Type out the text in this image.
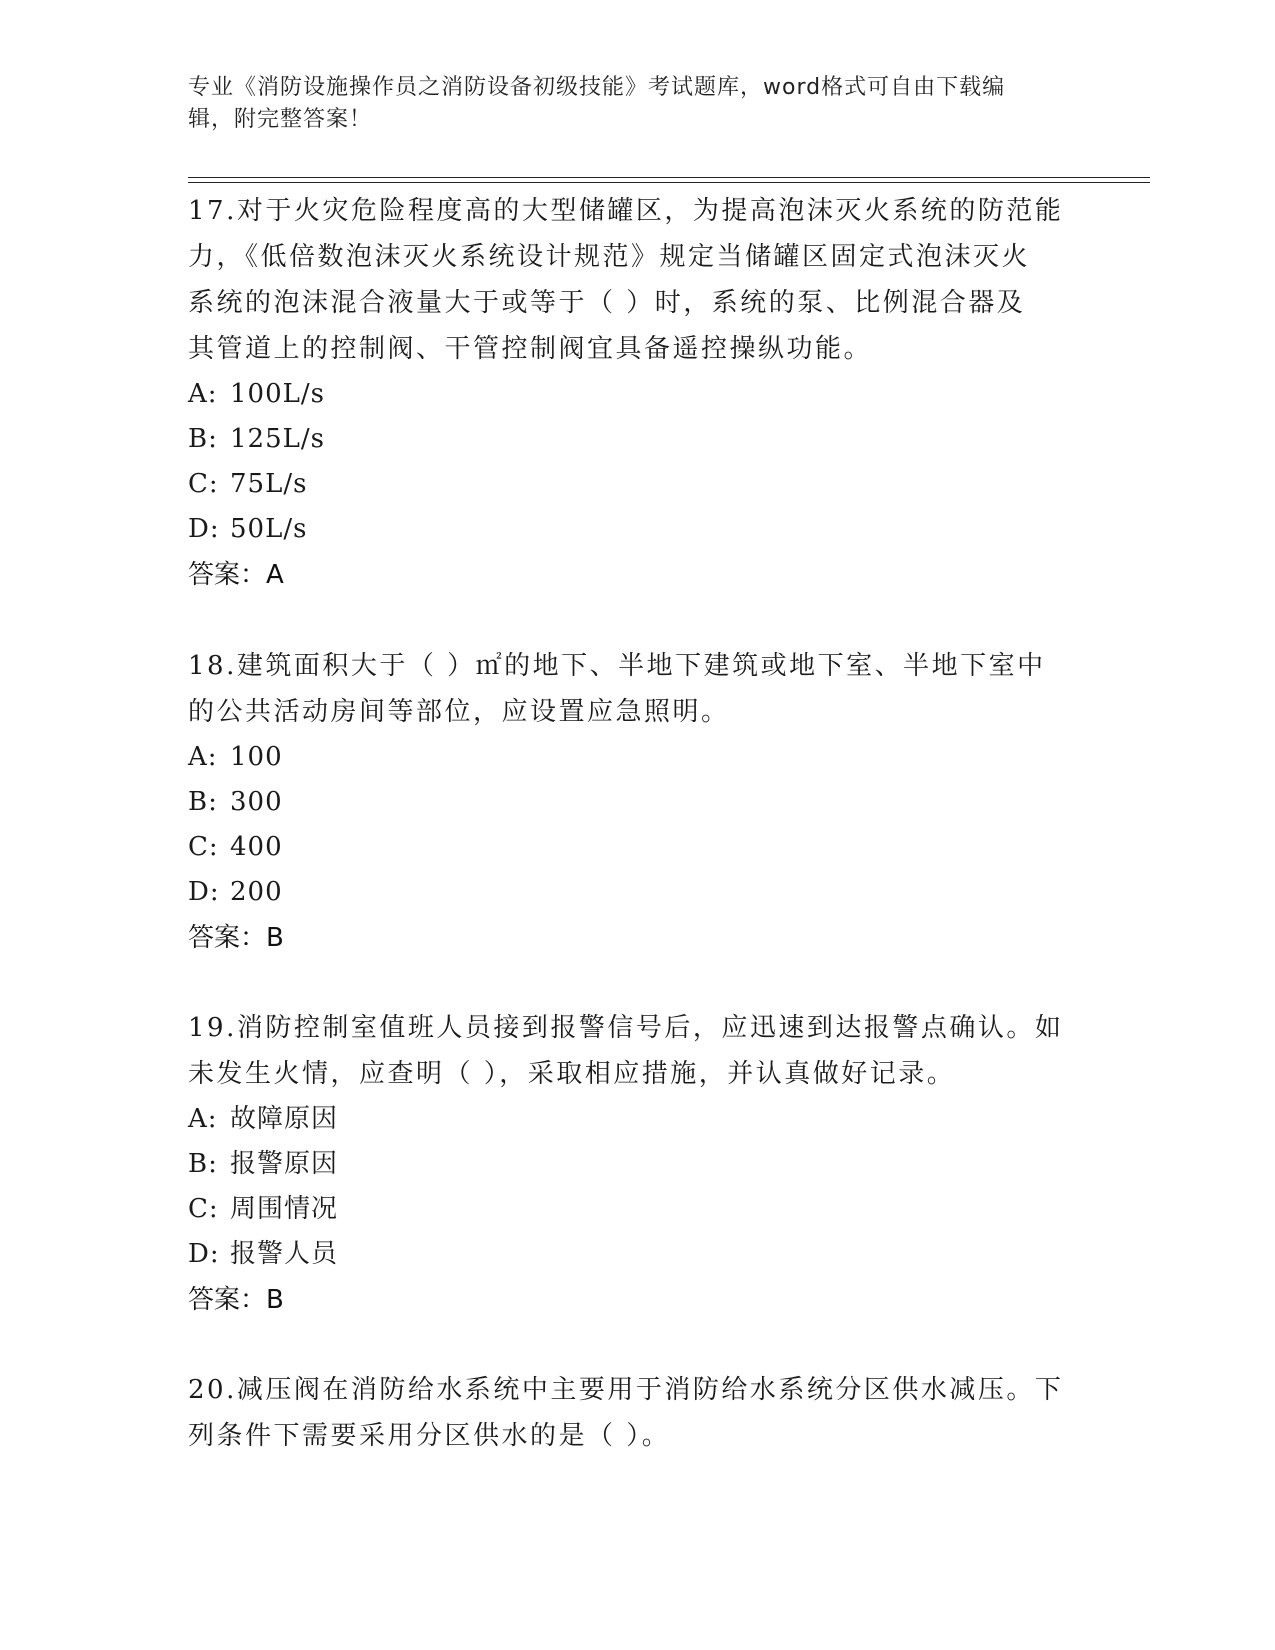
专业《消防设施操作员之消防设备初级技能》考试题库，word格式可自由下载编
辑，附完整答案！

17.对于火灾危险程度高的大型储罐区，为提高泡沫灭火系统的防范能

力，《低倍数泡沫灭火系统设计规范》规定当储罐区固定式泡沫灭火

系统的泡沫混合液量大于或等于（ ）时，系统的泵、比例混合器及

其管道上的控制阀、干管控制阀宜具备遥控操纵功能。

A: 100L/s

B: 125L/s

C: 75L/s

D: 50L/s

答案：A

18.建筑面积大于（ ）㎡的地下、半地下建筑或地下室、半地下室中

的公共活动房间等部位，应设置应急照明。

A: 100

B: 300

C: 400

D: 200

答案：B

19.消防控制室值班人员接到报警信号后，应迅速到达报警点确认。如

未发生火情，应查明（ ），采取相应措施，并认真做好记录。

A: 故障原因

B: 报警原因

C: 周围情况

D: 报警人员

答案：B

20.减压阀在消防给水系统中主要用于消防给水系统分区供水减压。下

列条件下需要采用分区供水的是（ ）。
